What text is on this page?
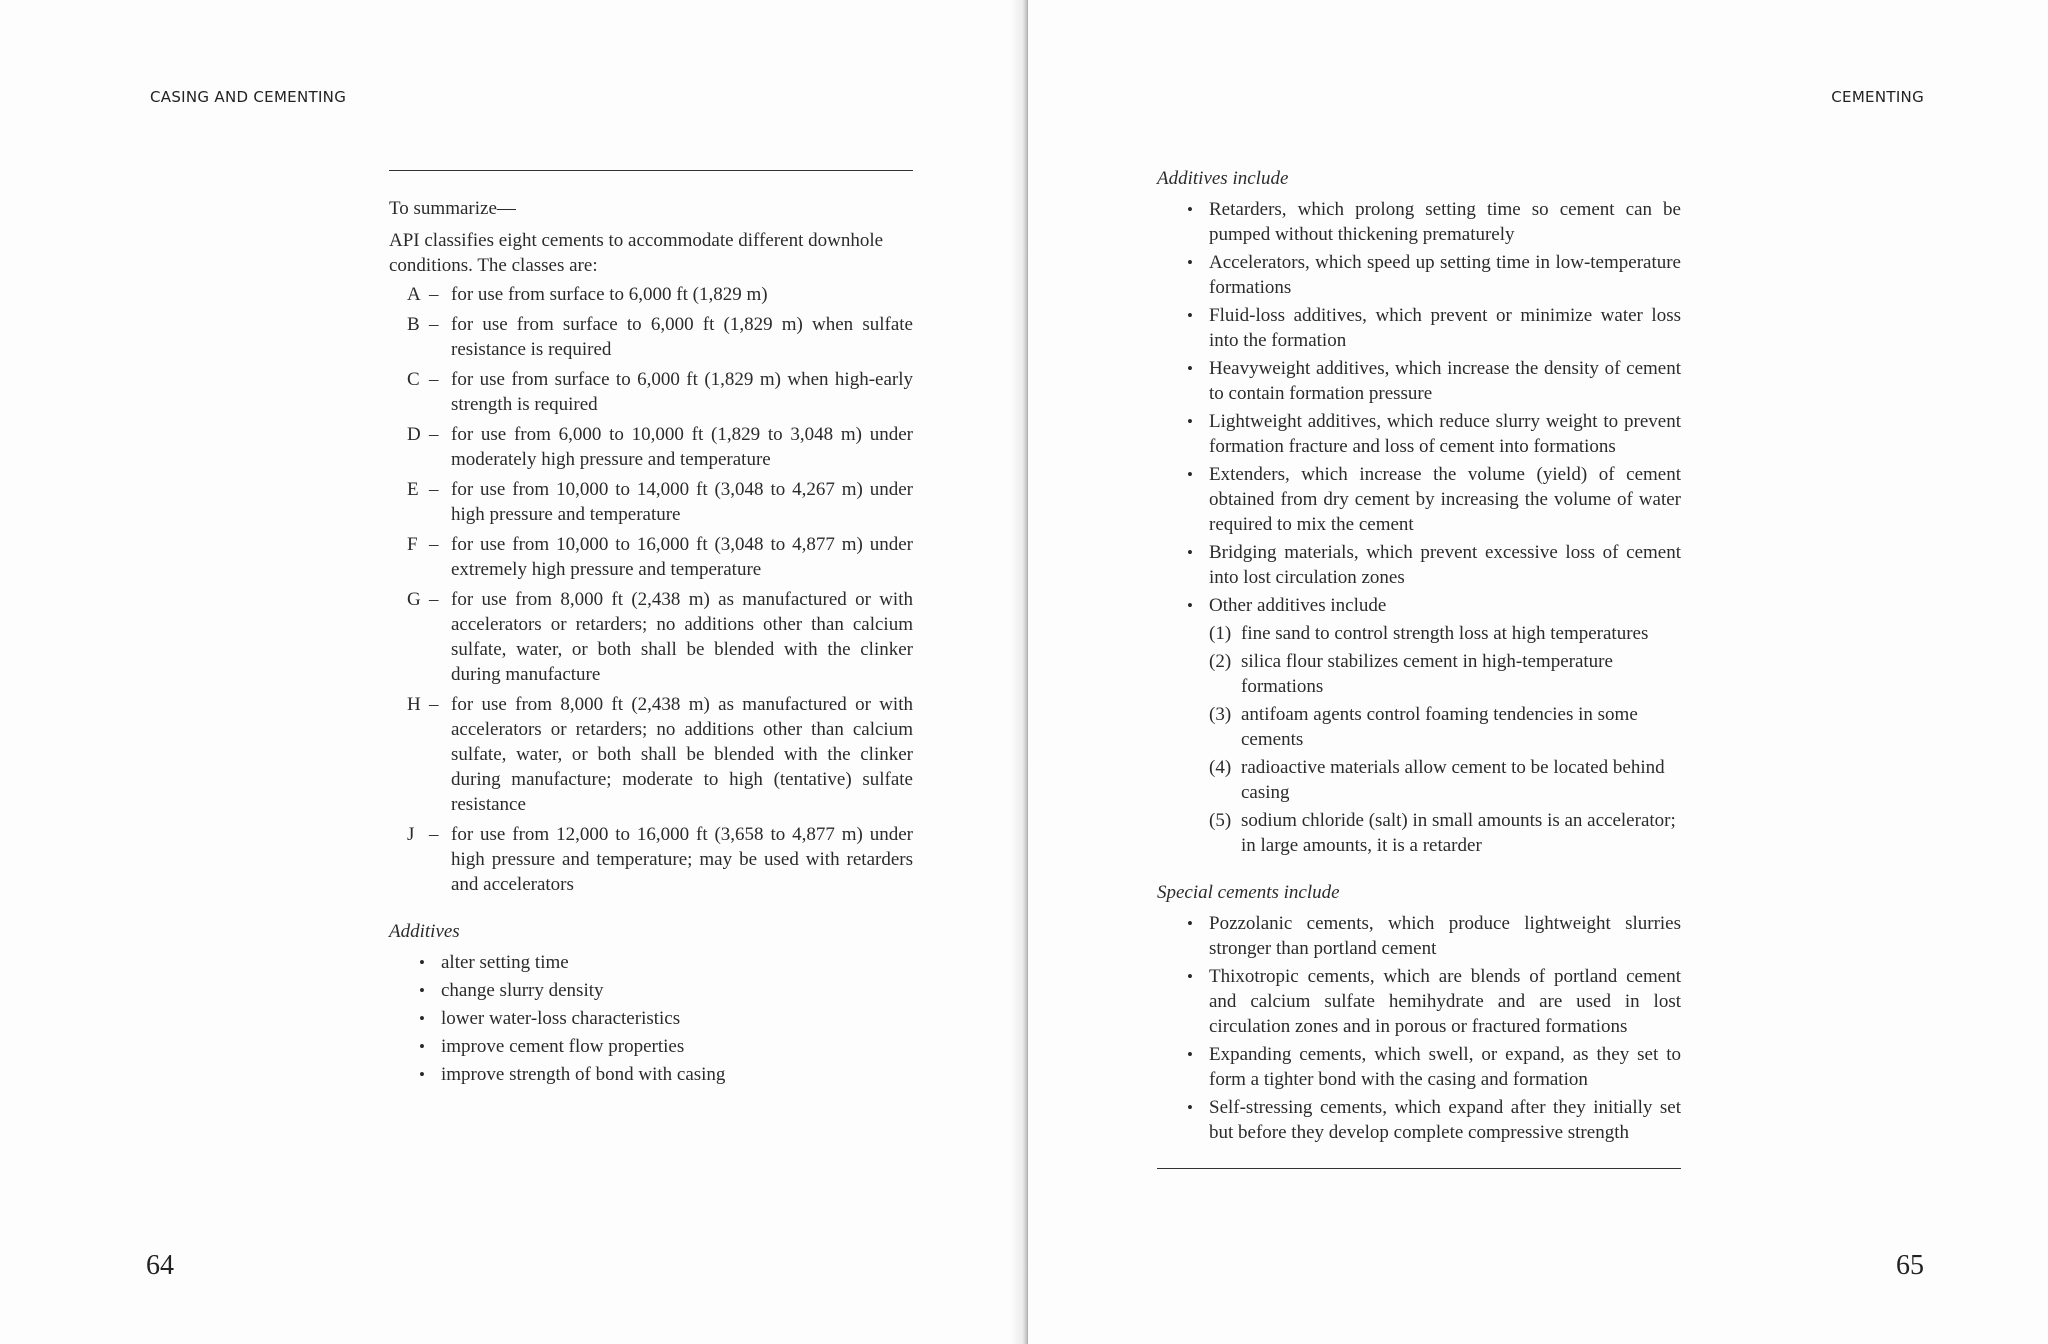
CASING AND CEMENTING

To summarize—

API classifies eight cements to accommodate different downhole conditions. The classes are:

A – for use from surface to 6,000 ft (1,829 m)
B – for use from surface to 6,000 ft (1,829 m) when sulfate resistance is required
C – for use from surface to 6,000 ft (1,829 m) when high-early strength is required
D – for use from 6,000 to 10,000 ft (1,829 to 3,048 m) under moderately high pressure and temperature
E – for use from 10,000 to 14,000 ft (3,048 to 4,267 m) under high pressure and temperature
F – for use from 10,000 to 16,000 ft (3,048 to 4,877 m) under extremely high pressure and temperature
G – for use from 8,000 ft (2,438 m) as manufactured or with accelerators or retarders; no additions other than calcium sulfate, water, or both shall be blended with the clinker during manufacture
H – for use from 8,000 ft (2,438 m) as manufactured or with accelerators or retarders; no additions other than calcium sulfate, water, or both shall be blended with the clinker during manufacture; moderate to high (tentative) sulfate resistance
J – for use from 12,000 to 16,000 ft (3,658 to 4,877 m) under high pressure and temperature; may be used with retarders and accelerators
Additives
• alter setting time
• change slurry density
• lower water-loss characteristics
• improve cement flow properties
• improve strength of bond with casing
64
CEMENTING
Additives include
• Retarders, which prolong setting time so cement can be pumped without thickening prematurely
• Accelerators, which speed up setting time in low-temperature formations
• Fluid-loss additives, which prevent or minimize water loss into the formation
• Heavyweight additives, which increase the density of cement to contain formation pressure
• Lightweight additives, which reduce slurry weight to prevent formation fracture and loss of cement into formations
• Extenders, which increase the volume (yield) of cement obtained from dry cement by increasing the volume of water required to mix the cement
• Bridging materials, which prevent excessive loss of cement into lost circulation zones
• Other additives include
(1) fine sand to control strength loss at high temperatures
(2) silica flour stabilizes cement in high-temperature formations
(3) antifoam agents control foaming tendencies in some cements
(4) radioactive materials allow cement to be located behind casing
(5) sodium chloride (salt) in small amounts is an accelerator; in large amounts, it is a retarder
Special cements include
• Pozzolanic cements, which produce lightweight slurries stronger than portland cement
• Thixotropic cements, which are blends of portland cement and calcium sulfate hemihydrate and are used in lost circulation zones and in porous or fractured formations
• Expanding cements, which swell, or expand, as they set to form a tighter bond with the casing and formation
• Self-stressing cements, which expand after they initially set but before they develop complete compressive strength
65
